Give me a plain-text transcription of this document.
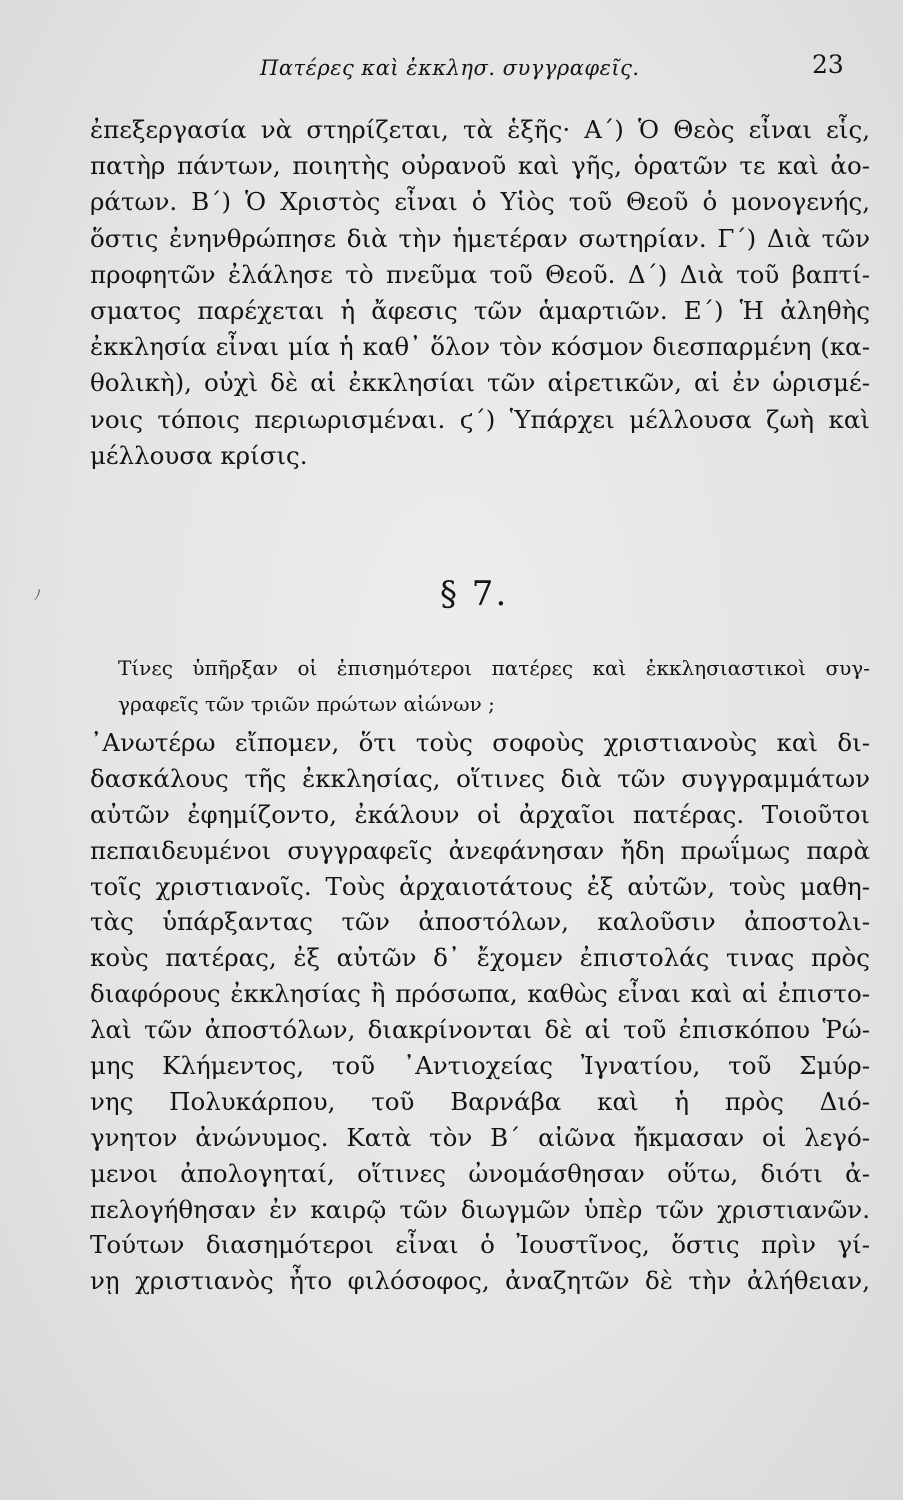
Πατέρες καὶ ἐκκλησ. συγγραφεῖς.	23
ἐπεξεργασία νὰ στηρίζεται, τὰ ἑξῆς· Α΄) Ὁ Θεὸς εἶναι εἷς,
πατὴρ πάντων, ποιητὴς οὐρανοῦ καὶ γῆς, ὁρατῶν τε καὶ ἀο-
ράτων. Β΄) Ὁ Χριστὸς εἶναι ὁ Υἱὸς τοῦ Θεοῦ ὁ μονογενής,
ὅστις ἐνηνθρώπησε διὰ τὴν ἡμετέραν σωτηρίαν. Γ΄) Διὰ τῶν
προφητῶν ἐλάλησε τὸ πνεῦμα τοῦ Θεοῦ. Δ΄) Διὰ τοῦ βαπτί-
σματος παρέχεται ἡ ἄφεσις τῶν ἁμαρτιῶν. Ε΄) Ἡ ἀληθὴς
ἐκκλησία εἶναι μία ἡ καθ᾽ ὅλον τὸν κόσμον διεσπαρμένη (κα-
θολικὴ), οὐχὶ δὲ αἱ ἐκκλησίαι τῶν αἱρετικῶν, αἱ ἐν ὡρισμέ-
νοις τόποις περιωρισμέναι. ϛ΄) Ὑπάρχει μέλλουσα ζωὴ καὶ
μέλλουσα κρίσις.
ﾉ	§ 7.
Τίνες ὑπῆρξαν οἱ ἐπισημότεροι πατέρες καὶ ἐκκλησιαστικοὶ συγ-
γραφεῖς τῶν τριῶν πρώτων αἰώνων ;
᾽Ανωτέρω εἴπομεν, ὅτι τοὺς σοφοὺς χριστιανοὺς καὶ δι-
δασκάλους τῆς ἐκκλησίας, οἵτινες διὰ τῶν συγγραμμάτων
αὐτῶν ἐφημίζοντο, ἐκάλουν οἱ ἀρχαῖοι πατέρας. Τοιοῦτοι
πεπαιδευμένοι συγγραφεῖς ἀνεφάνησαν ἤδη πρωΐμως παρὰ
τοῖς χριστιανοῖς. Τοὺς ἀρχαιοτάτους ἐξ αὐτῶν, τοὺς μαθη-
τὰς ὑπάρξαντας τῶν ἀποστόλων, καλοῦσιν ἀποστολι-
κοὺς πατέρας, ἐξ αὐτῶν δ᾽ ἔχομεν ἐπιστολάς τινας πρὸς
διαφόρους ἐκκλησίας ἢ πρόσωπα, καθὼς εἶναι καὶ αἱ ἐπιστο-
λαὶ τῶν ἀποστόλων, διακρίνονται δὲ αἱ τοῦ ἐπισκόπου Ῥώ-
μης Κλήμεντος, τοῦ ᾽Αντιοχείας Ἰγνατίου, τοῦ Σμύρ-
νης Πολυκάρπου, τοῦ Βαρνάβα καὶ ἡ πρὸς Διό-
γνητον ἀνώνυμος. Κατὰ τὸν Β΄ αἰῶνα ἤκμασαν οἱ λεγό-
μενοι ἀπολογηταί, οἵτινες ὠνομάσθησαν οὕτω, διότι ἀ-
πελογήθησαν ἐν καιρῷ τῶν διωγμῶν ὑπὲρ τῶν χριστιανῶν.
Τούτων διασημότεροι εἶναι ὁ Ἰουστῖνος, ὅστις πρὶν γί-
νῃ χριστιανὸς ἦτο φιλόσοφος, ἀναζητῶν δὲ τὴν ἀλήθειαν,
